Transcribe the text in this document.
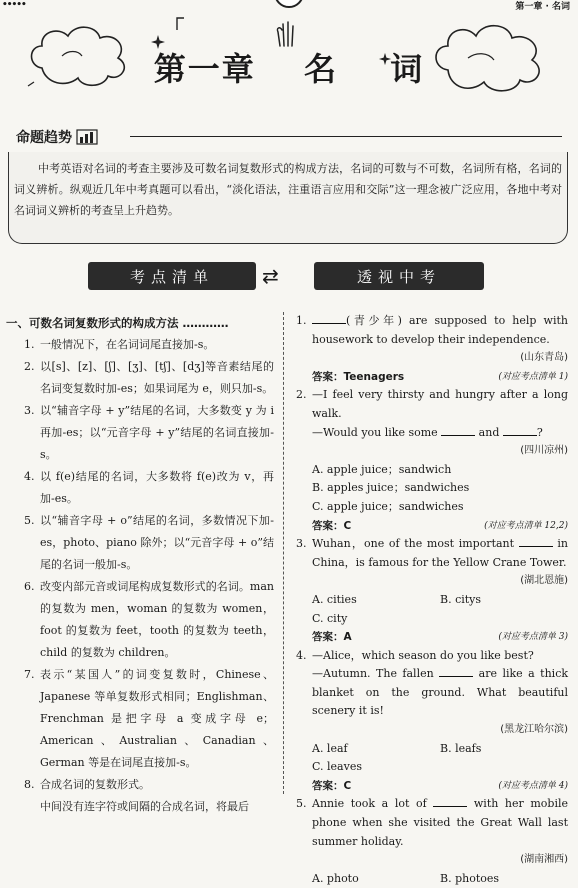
•••••	第一章 · 名词
第一章 名 词
命题趋势

中考英语对名词的考查主要涉及可数名词复数形式的构成方法，名词的可数与不可数，名词所有格，名词的词义辨析。纵观近几年中考真题可以看出，“淡化语法，注重语言应用和交际”这一理念被广泛应用，各地中考对名词词义辨析的考查呈上升趋势。

考点清单	⇄	透视中考
一、可数名词复数形式的构成方法 …………
1. 一般情况下，在名词词尾直接加-s。
2. 以[s]、[z]、[ʃ]、[ʒ]、[tʃ]、[dʒ]等音素结尾的名词变复数时加-es；如果词尾为 e，则只加-s。
3. 以“辅音字母 + y”结尾的名词，大多数变 y 为 i 再加-es；以“元音字母 + y”结尾的名词直接加-s。
4. 以 f(e)结尾的名词，大多数将 f(e)改为 v，再加-es。
5. 以“辅音字母 + o”结尾的名词，多数情况下加-es，photo、piano 除外；以“元音字母 + o”结尾的名词一般加-s。
6. 改变内部元音或词尾构成复数形式的名词。man 的复数为 men，woman 的复数为 women，foot 的复数为 feet，tooth 的复数为 teeth，child 的复数为 children。
7. 表示“某国人”的词变复数时，Chinese、Japanese 等单复数形式相同；Englishman、Frenchman 是把字母 a 变成字母 e；American、Australian、Canadian、German 等是在词尾直接加-s。
8. 合成名词的复数形式。
中间没有连字符或间隔的合成名词，将最后
1.	(青少年) are supposed to help with housework to develop their independence.
(山东青岛)
答案：Teenagers	(对应考点清单 1)
2. —I feel very thirsty and hungry after a long walk.
—Would you like some	and	?
(四川凉州)
A. apple juice；sandwich
B. apples juice；sandwiches
C. apple juice；sandwiches
答案：C	(对应考点清单 12,2)
3. Wuhan，one of the most important	in China，is famous for the Yellow Crane Tower.
(湖北恩施)
A. cities	B. citys
C. city
答案：A	(对应考点清单 3)
4. —Alice，which season do you like best?
—Autumn. The fallen	are like a thick blanket on the ground. What beautiful scenery it is!
(黑龙江哈尔滨)
A. leaf	B. leafs
C. leaves
答案：C	(对应考点清单 4)
5. Annie took a lot of	with her mobile phone when she visited the Great Wall last summer holiday.
(湖南湘西)
A. photo	B. photoes
